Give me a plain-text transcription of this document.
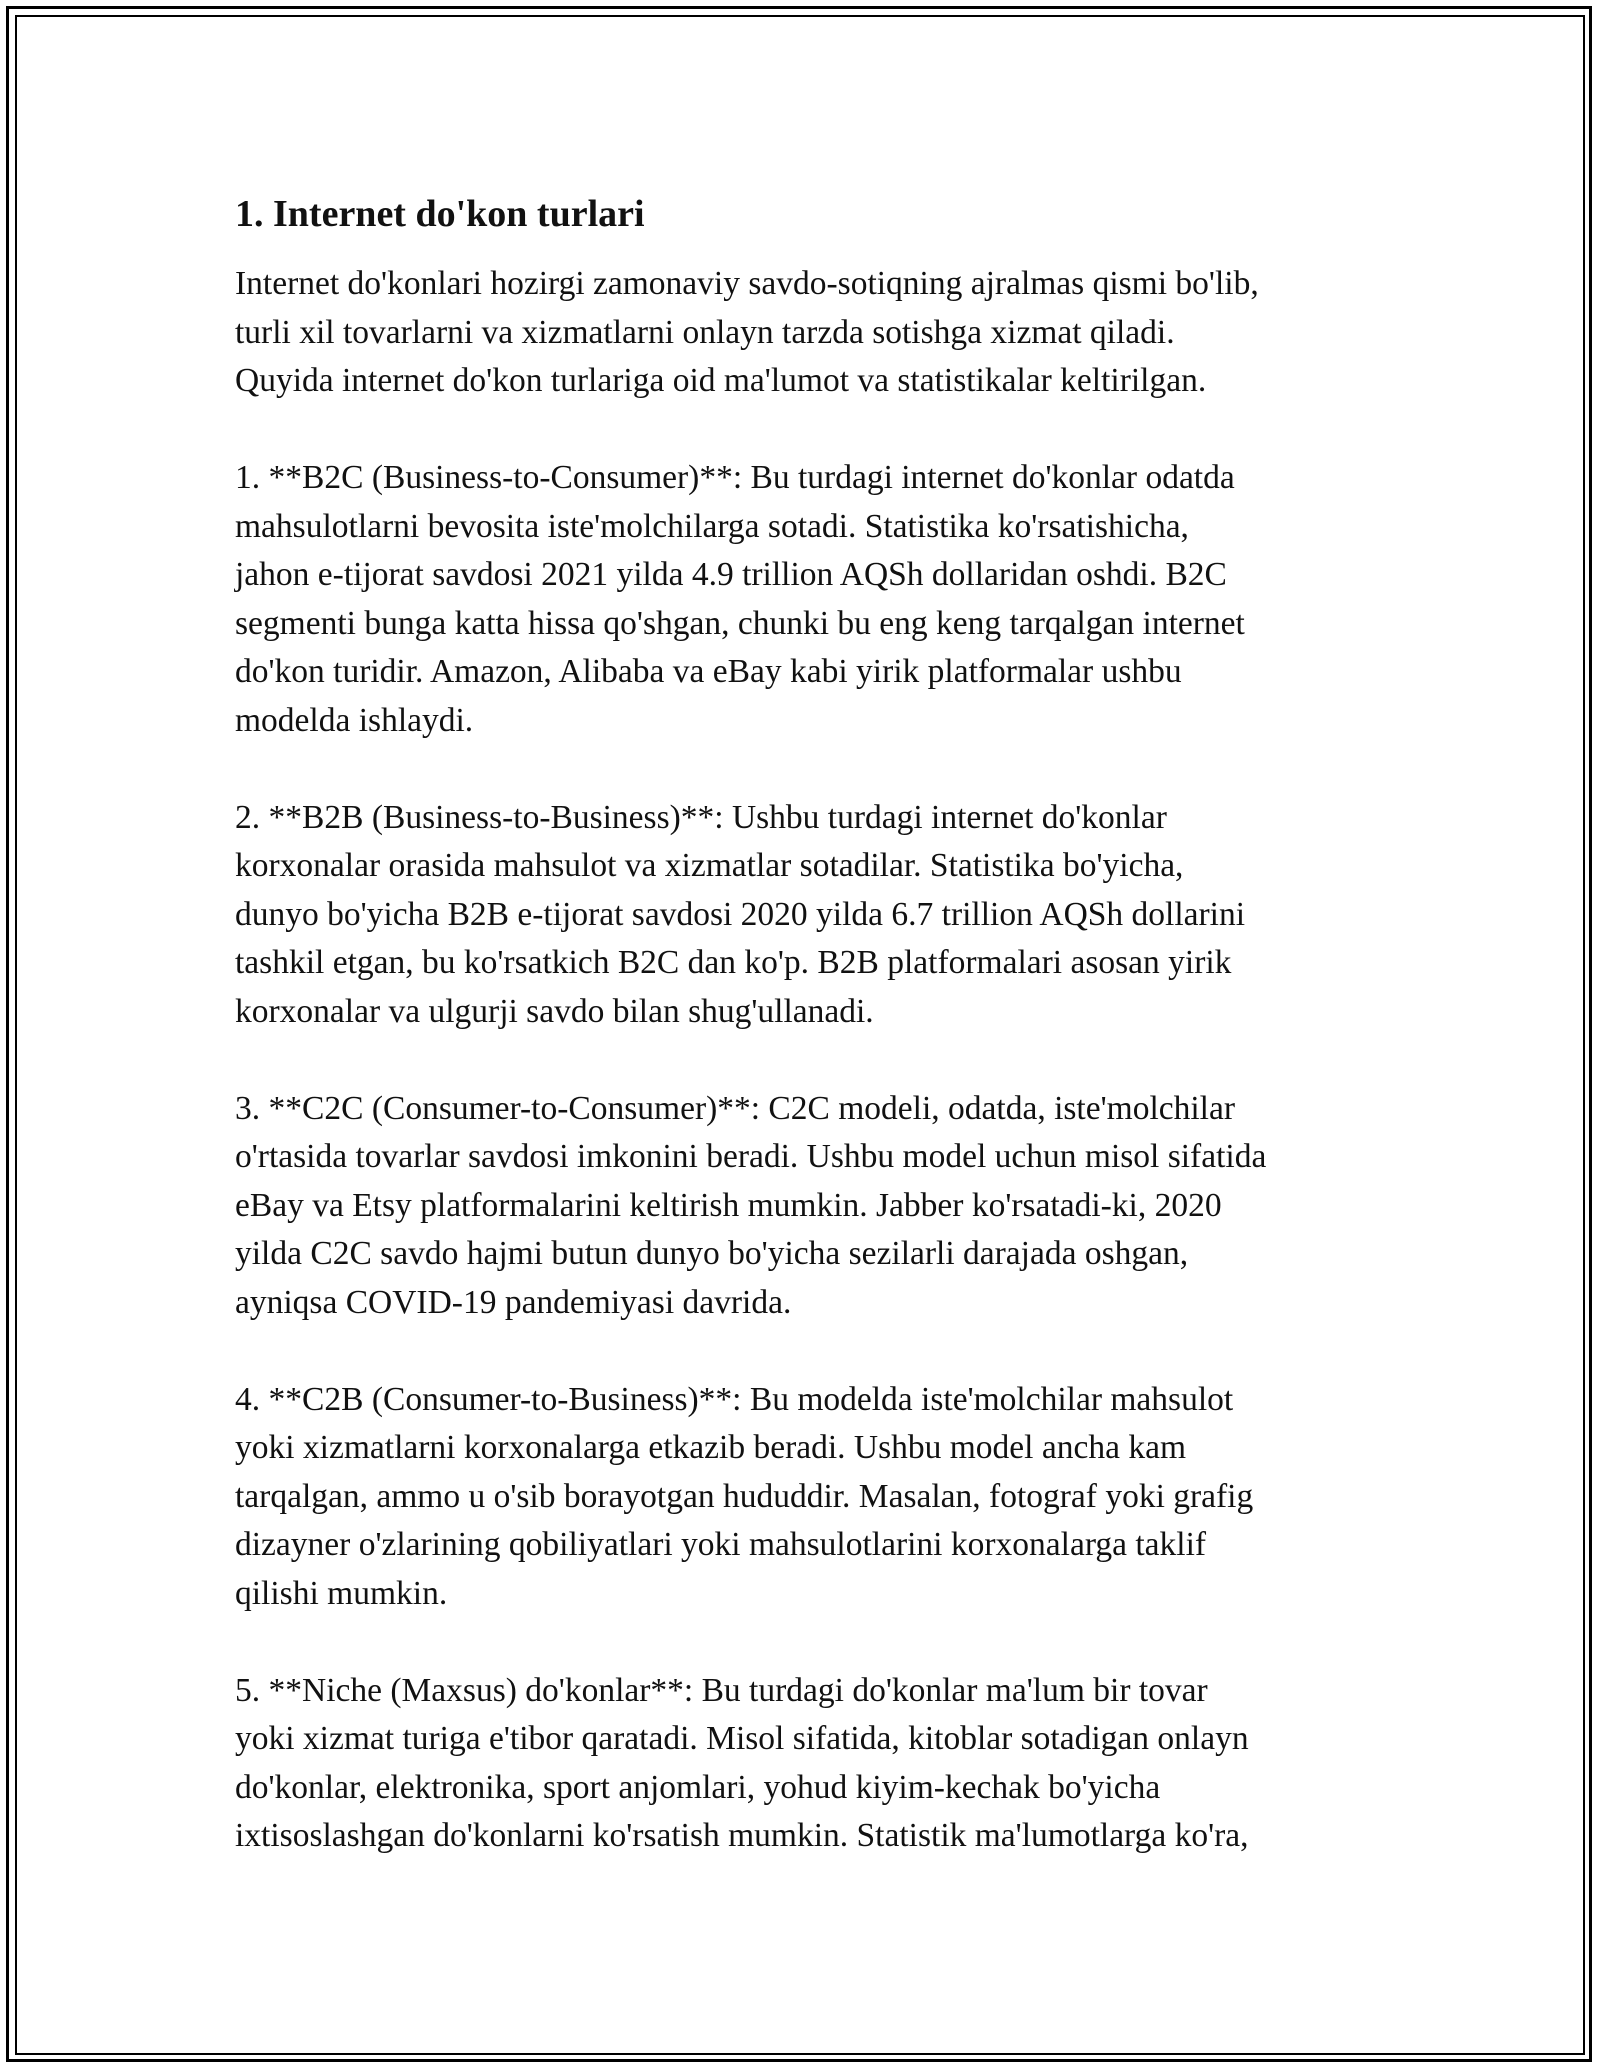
1. Internet do'kon turlari

Internet do'konlari hozirgi zamonaviy savdo-sotiqning ajralmas qismi bo'lib,
turli xil tovarlarni va xizmatlarni onlayn tarzda sotishga xizmat qiladi.
Quyida internet do'kon turlariga oid ma'lumot va statistikalar keltirilgan.

1. **B2C (Business-to-Consumer)**: Bu turdagi internet do'konlar odatda
mahsulotlarni bevosita iste'molchilarga sotadi. Statistika ko'rsatishicha,
jahon e-tijorat savdosi 2021 yilda 4.9 trillion AQSh dollaridan oshdi. B2C
segmenti bunga katta hissa qo'shgan, chunki bu eng keng tarqalgan internet
do'kon turidir. Amazon, Alibaba va eBay kabi yirik platformalar ushbu
modelda ishlaydi.

2. **B2B (Business-to-Business)**: Ushbu turdagi internet do'konlar
korxonalar orasida mahsulot va xizmatlar sotadilar. Statistika bo'yicha,
dunyo bo'yicha B2B e-tijorat savdosi 2020 yilda 6.7 trillion AQSh dollarini
tashkil etgan, bu ko'rsatkich B2C dan ko'p. B2B platformalari asosan yirik
korxonalar va ulgurji savdo bilan shug'ullanadi.

3. **C2C (Consumer-to-Consumer)**: C2C modeli, odatda, iste'molchilar
o'rtasida tovarlar savdosi imkonini beradi. Ushbu model uchun misol sifatida
eBay va Etsy platformalarini keltirish mumkin. Jabber ko'rsatadi-ki, 2020
yilda C2C savdo hajmi butun dunyo bo'yicha sezilarli darajada oshgan,
ayniqsa COVID-19 pandemiyasi davrida.

4. **C2B (Consumer-to-Business)**: Bu modelda iste'molchilar mahsulot
yoki xizmatlarni korxonalarga etkazib beradi. Ushbu model ancha kam
tarqalgan, ammo u o'sib borayotgan hududdir. Masalan, fotograf yoki grafig
dizayner o'zlarining qobiliyatlari yoki mahsulotlarini korxonalarga taklif
qilishi mumkin.

5. **Niche (Maxsus) do'konlar**: Bu turdagi do'konlar ma'lum bir tovar
yoki xizmat turiga e'tibor qaratadi. Misol sifatida, kitoblar sotadigan onlayn
do'konlar, elektronika, sport anjomlari, yohud kiyim-kechak bo'yicha
ixtisoslashgan do'konlarni ko'rsatish mumkin. Statistik ma'lumotlarga ko'ra,
